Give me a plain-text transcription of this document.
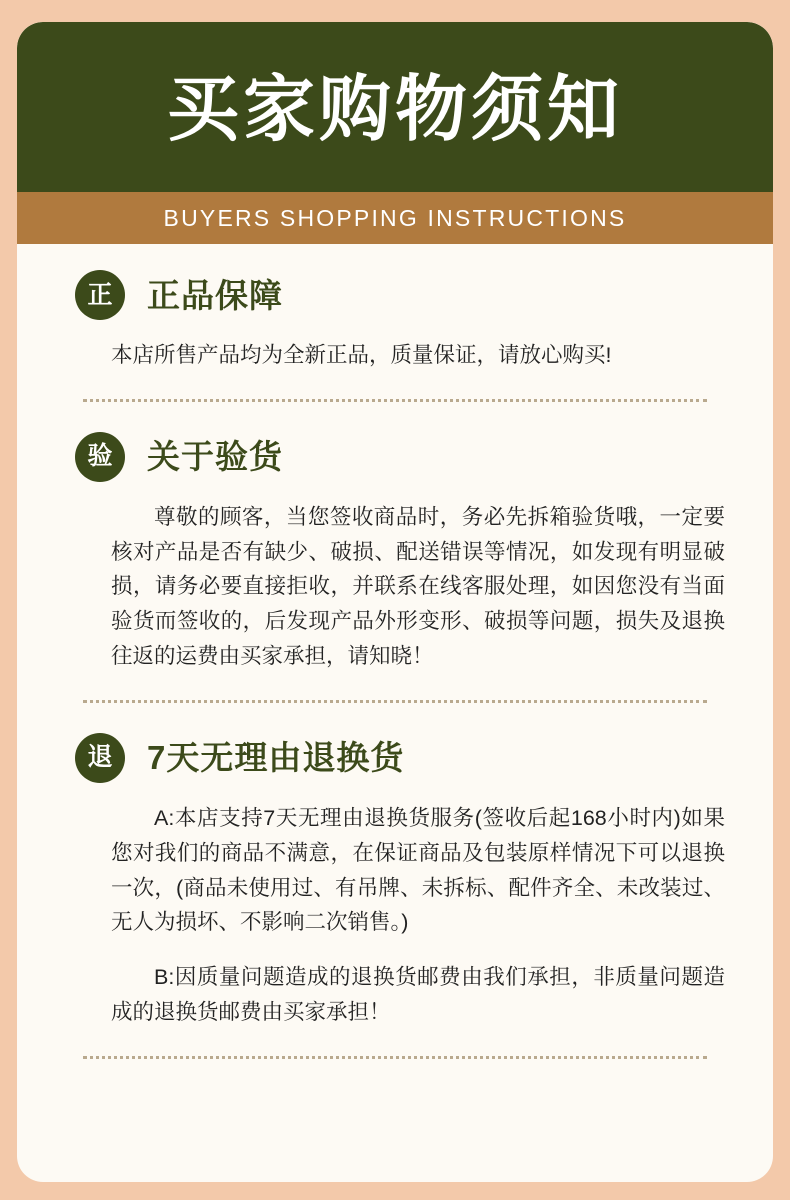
买家购物须知
BUYERS SHOPPING INSTRUCTIONS
正	正品保障

本店所售产品均为全新正品，质量保证，请放心购买!

验	关于验货

尊敬的顾客，当您签收商品时，务必先拆箱验货哦，一定要核对产品是否有缺少、破损、配送错误等情况，如发现有明显破损，请务必要直接拒收，并联系在线客服处理，如因您没有当面验货而签收的，后发现产品外形变形、破损等问题，损失及退换往返的运费由买家承担，请知晓！

退	7天无理由退换货

A:本店支持7天无理由退换货服务(签收后起168小时内)如果您对我们的商品不满意，在保证商品及包装原样情况下可以退换一次，(商品未使用过、有吊牌、未拆标、配件齐全、未改装过、无人为损坏、不影响二次销售。)

B:因质量问题造成的退换货邮费由我们承担，非质量问题造成的退换货邮费由买家承担！
